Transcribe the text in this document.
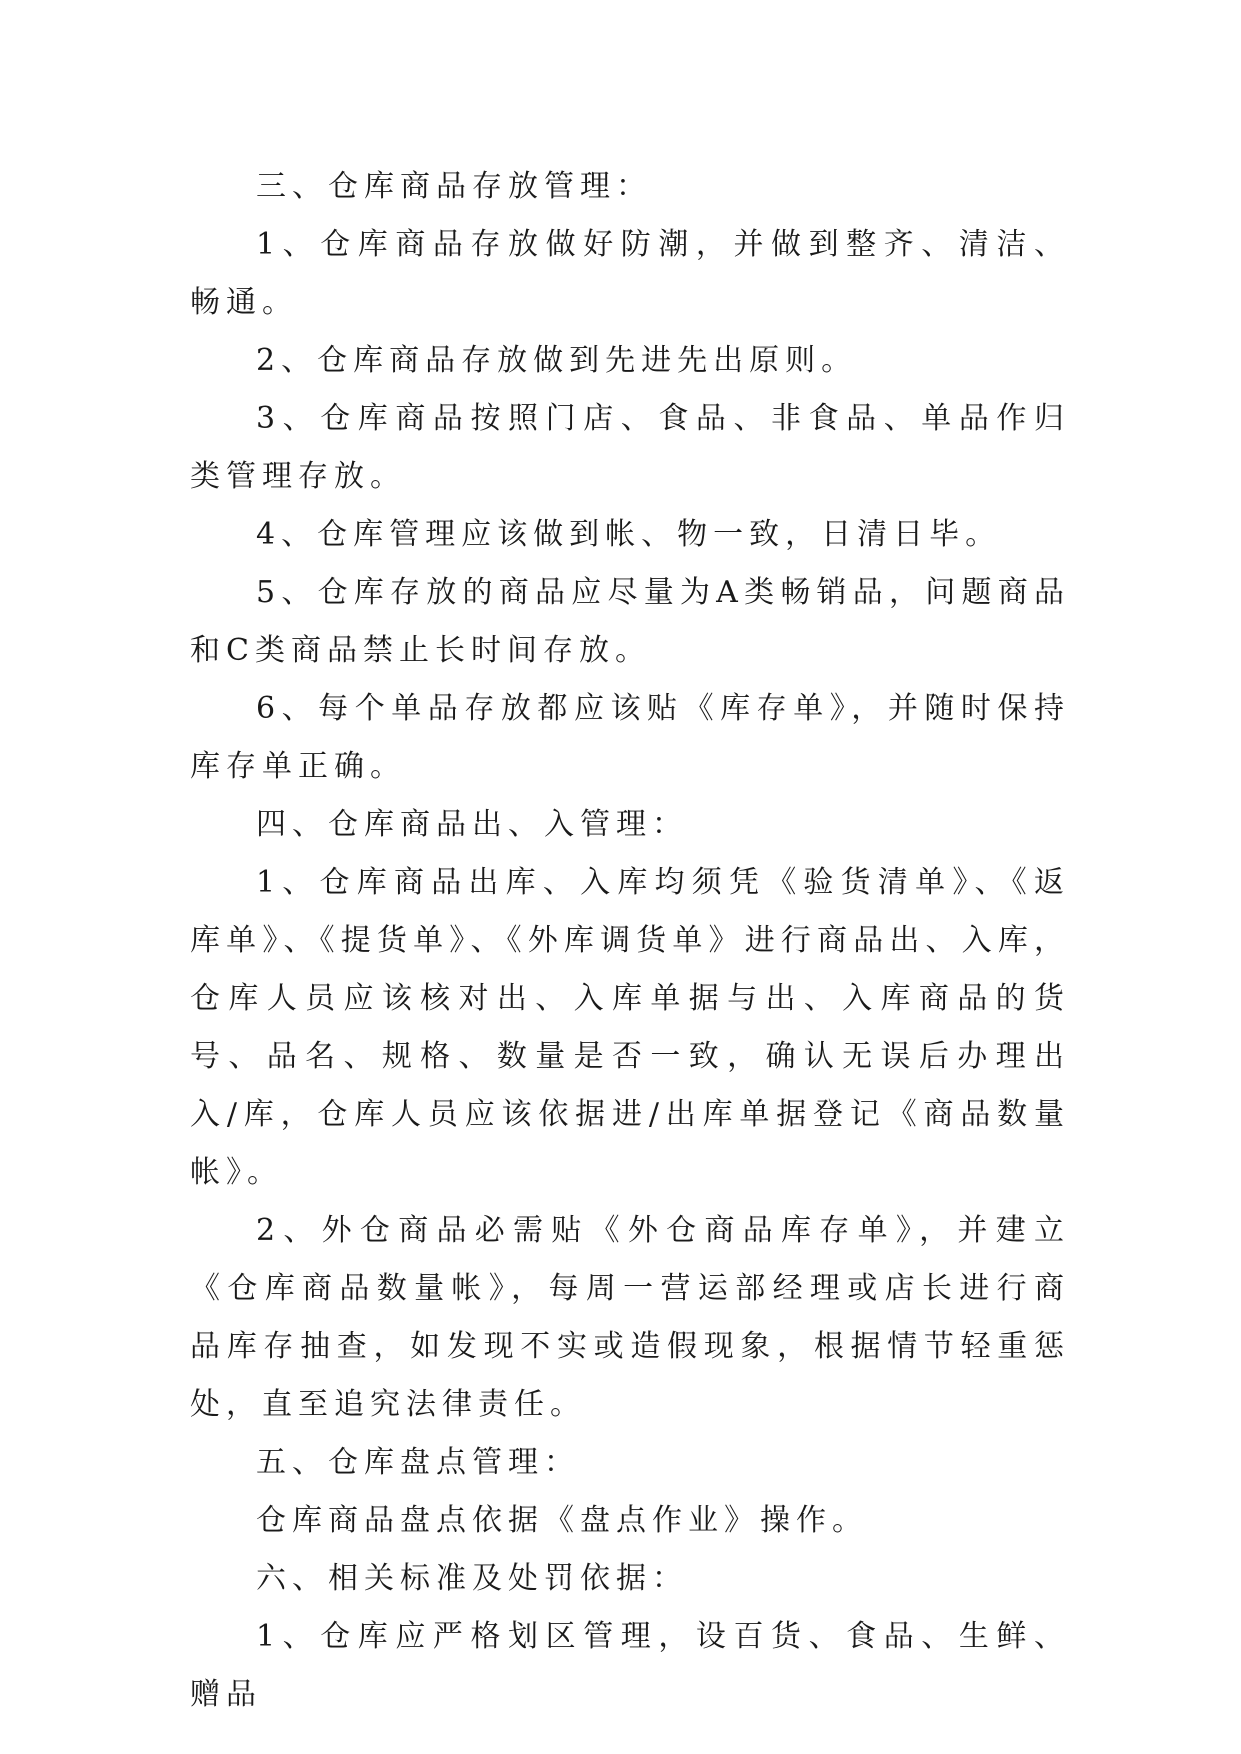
三、仓库商品存放管理：

1、仓库商品存放做好防潮，并做到整齐、清洁、畅通。

2、仓库商品存放做到先进先出原则。

3、仓库商品按照门店、食品、非食品、单品作归类管理存放。

4、仓库管理应该做到帐、物一致，日清日毕。

5、仓库存放的商品应尽量为A类畅销品，问题商品和C类商品禁止长时间存放。

6、每个单品存放都应该贴《库存单》，并随时保持库存单正确。

四、仓库商品出、入管理：

1、仓库商品出库、入库均须凭《验货清单》、《返库单》、《提货单》、《外库调货单》进行商品出、入库，仓库人员应该核对出、入库单据与出、入库商品的货号、品名、规格、数量是否一致，确认无误后办理出入/库，仓库人员应该依据进/出库单据登记《商品数量帐》。

2、外仓商品必需贴《外仓商品库存单》，并建立《仓库商品数量帐》，每周一营运部经理或店长进行商品库存抽查，如发现不实或造假现象，根据情节轻重惩处，直至追究法律责任。

五、仓库盘点管理：

仓库商品盘点依据《盘点作业》操作。

六、相关标准及处罚依据：

1、仓库应严格划区管理，设百货、食品、生鲜、赠品
